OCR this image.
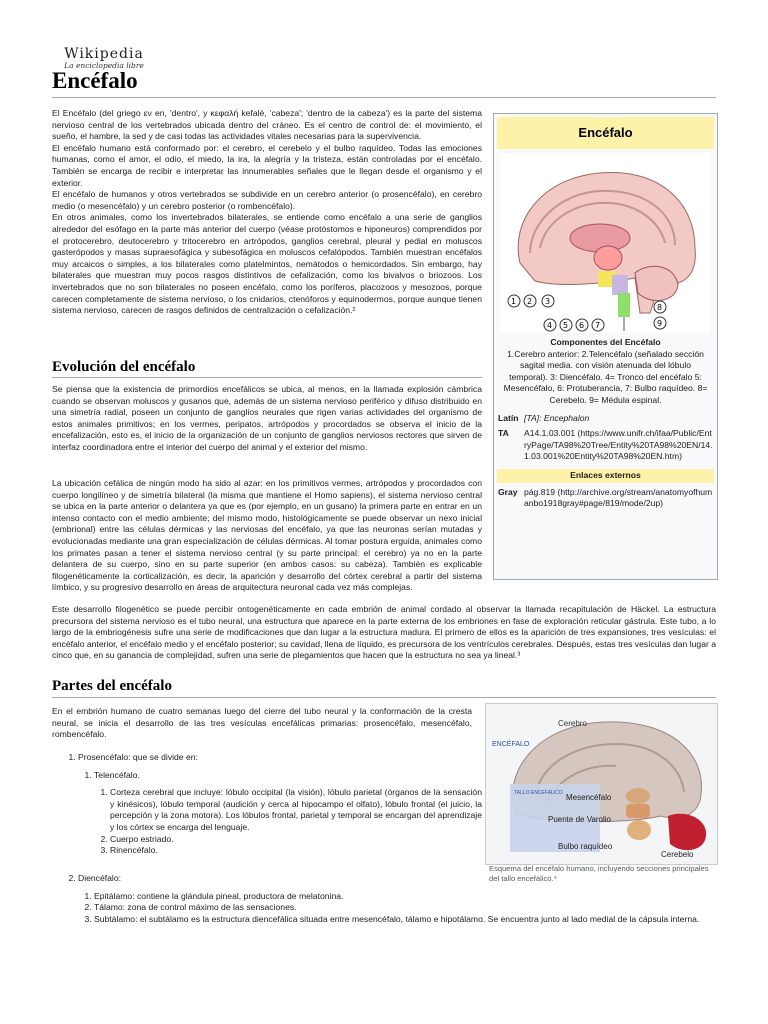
Wikipedia
La enciclopedia libre
Encéfalo

El Encéfalo (del griego εν en, 'dentro', y κεφαλή kefalé, 'cabeza'; 'dentro de la cabeza') es la parte del sistema nervioso central de los vertebrados ubicada dentro del cráneo. Es el centro de control de: el movimiento, el sueño, el hambre, la sed y de casi todas las actividades vitales necesarias para la supervivencia.

El encéfalo humano está conformado por: el cerebro, el cerebelo y el bulbo raquídeo. Todas las emociones humanas, como el amor, el odio, el miedo, la ira, la alegría y la tristeza, están controladas por el encéfalo. También se encarga de recibir e interpretar las innumerables señales que le llegan desde el organismo y el exterior.

El encéfalo de humanos y otros vertebrados se subdivide en un cerebro anterior (o prosencéfalo), en cerebro medio (o mesencéfalo) y un cerebro posterior (o rombencéfalo).

En otros animales, como los invertebrados bilaterales, se entiende como encéfalo a una serie de ganglios alrededor del esófago en la parte más anterior del cuerpo (véase protóstomos e hiponeuros) comprendidos por el protocerebro, deutocerebro y tritocerebro en artrópodos, ganglios cerebral, pleural y pedial en moluscos gasterópodos y masas supraesofágica y subesofágica en moluscos cefalópodos. También muestran encéfalos muy arcaicos o simples, a los bilaterales como platelmintos, nemátodos o hemicordados. Sin embargo, hay bilaterales que muestran muy pocos rasgos distintivos de cefalización, como los bivalvos o briozoos. Los invertebrados que no son bilaterales no poseen encéfalo, como los poríferos, placozoos y mesozoos, porque carecen completamente de sistema nervioso, o los cnidarios, ctenóforos y equinodermos, porque aunque tienen sistema nervioso, carecen de rasgos definidos de centralización o cefalización.²

Encéfalo
1 2 3
4 5 6 7
8
9
Componentes del Encéfalo
1.Cerebro anterior: 2.Telencéfalo (señalado sección sagital media. con visión atenuada del lóbulo temporal). 3: Diencéfalo. 4= Tronco del encéfalo 5: Mesencéfalo, 6: Protuberancia, 7: Bulbo raquídeo. 8= Cerebelo. 9= Médula espinal.
Latín [TA]: Encephalon
TA	A14.1.03.001 (https://www.unifr.ch/ifaa/Public/EntryPage/TA98%20Tree/Entity%20TA98%20EN/14.1.03.001%20Entity%20TA98%20EN.htm)
Enlaces externos
Gray pág.819 (http://archive.org/stream/anatomyofhumanbo1918gray#page/819/mode/2up)
Evolución del encéfalo
Se piensa que la existencia de primordios encefálicos se ubica, al menos, en la llamada explosión cámbrica cuando se observan moluscos y gusanos que, además de un sistema nervioso periférico y difuso distribuido en una simetría radial, poseen un conjunto de ganglios neurales que rigen varias actividades del organismo de estos animales primitivos; en los vermes, peripatos, artrópodos y procordados se observa el inicio de la encefalización, esto es, el inicio de la organización de un conjunto de ganglios nerviosos rectores que sirven de interfaz coordinadora entre el interior del cuerpo del animal y el exterior del mismo.
La ubicación cefálica de ningún modo ha sido al azar: en los primitivos vermes, artrópodos y procordados con cuerpo longilíneo y de simetría bilateral (la misma que mantiene el Homo sapiens), el sistema nervioso central se ubica en la parte anterior o delantera ya que es (por ejemplo, en un gusano) la primera parte en entrar en un intenso contacto con el medio ambiente; del mismo modo, histológicamente se puede observar un nexo inicial (embrional) entre las células dérmicas y las nerviosas del encéfalo, ya que las neuronas serían mutadas y evolucionadas mediante una gran especialización de células dérmicas. Al tomar postura erguida, animales como los primates pasan a tener el sistema nervioso central (y su parte principal: el cerebro) ya no en la parte delantera de su cuerpo, sino en su parte superior (en ambos casos: su cabeza). También es explicable filogenéticamente la corticalización, es decir, la aparición y desarrollo del córtex cerebral a partir del sistema límbico, y su progresivo desarrollo en áreas de arquitectura neuronal cada vez más complejas.
Este desarrollo filogenético se puede percibir ontogenéticamente en cada embrión de animal cordado al observar la llamada recapitulación de Häckel. La estructura precursora del sistema nervioso es el tubo neural, una estructura que aparece en la parte externa de los embriones en fase de exploración reticular gástrula. Este tubo, a lo largo de la embriogénesis sufre una serie de modificaciones que dan lugar a la estructura madura. El primero de ellos es la aparición de tres expansiones, tres vesículas: el encéfalo anterior, el encéfalo medio y el encéfalo posterior; su cavidad, llena de líquido, es precursora de los ventrículos cerebrales. Después, estas tres vesículas dan lugar a cinco que, en su ganancia de complejidad, sufren una serie de plegamientos que hacen que la estructura no sea ya lineal.³
Partes del encéfalo
En el embrión humano de cuatro semanas luego del cierre del tubo neural y la conformación de la cresta neural, se inicia el desarrollo de las tres vesículas encefálicas primarias: prosencéfalo, mesencéfalo, rombencéfalo.
1. Prosencéfalo: que se divide en:
1. Telencéfalo.
1. Corteza cerebral que incluye: lóbulo occipital (la visión), lóbulo parietal (órganos de la sensación y kinésicos), lóbulo temporal (audición y cerca al hipocampo el olfato), lóbulo frontal (el juicio, la percepción y la zona motora). Los lóbulos frontal, parietal y temporal se encargan del aprendizaje y los córtex se encarga del lenguaje.
2. Cuerpo estriado.
3. Rinencéfalo.
2. Diencéfalo:
1. Epitálamo: contiene la glándula pineal, productora de melatonina.
2. Tálamo: zona de control máximo de las sensaciones.
3. Subtálamo: el subtálamo es la estructura diencefálica situada entre mesencéfalo, tálamo e hipotálamo. Se encuentra junto al lado medial de la cápsula interna.
Cerebro
ENCÉFALO
TALLO ENCEFÁLICO Mesencéfalo
Puente de Varolio
Bulbo raquídeo
Cerebelo
Esquema del encéfalo humano, incluyendo secciones principales del tallo encefálico.⁴
